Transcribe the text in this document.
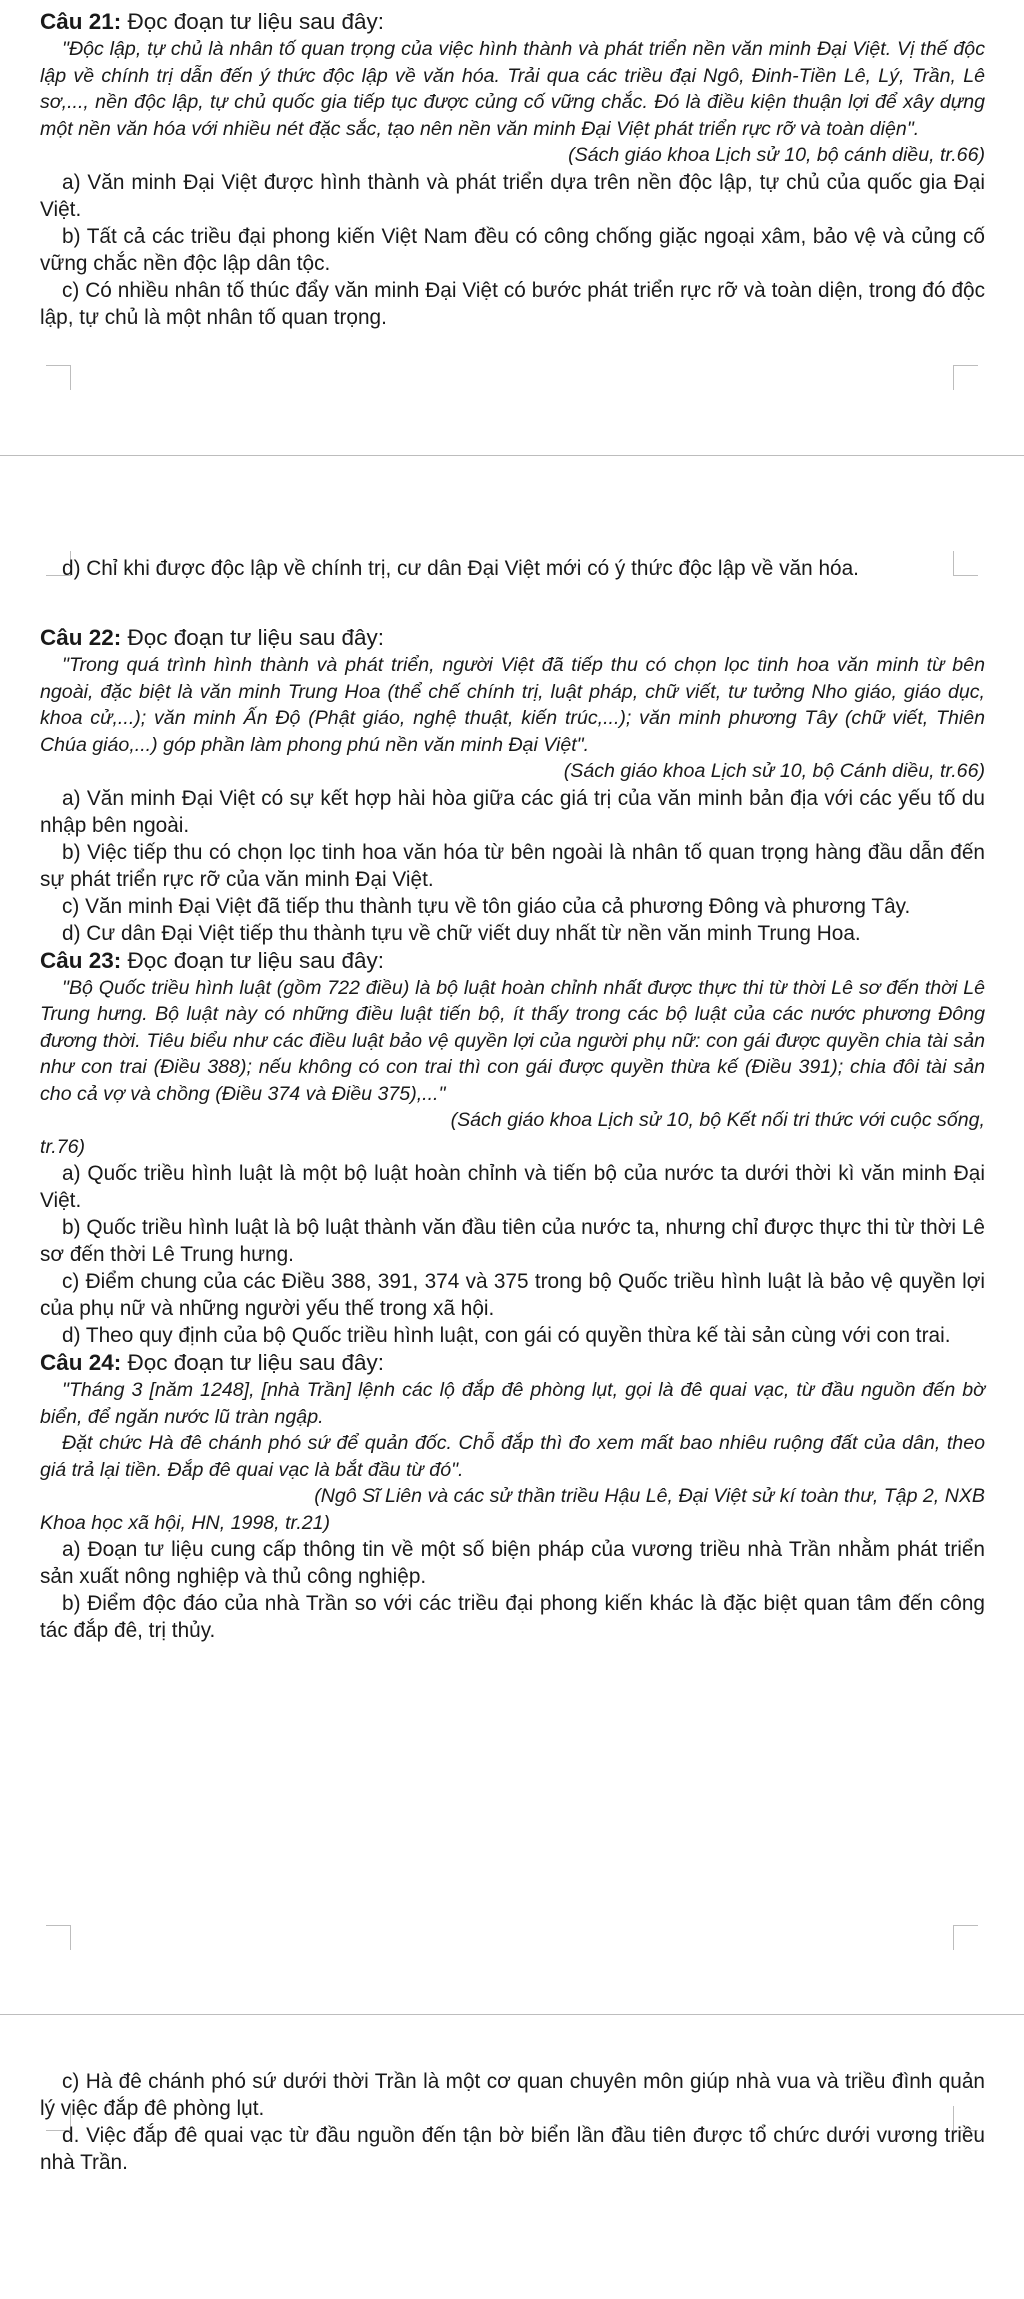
Câu 21: Đọc đoạn tư liệu sau đây:

"Độc lập, tự chủ là nhân tố quan trọng của việc hình thành và phát triển nền văn minh Đại Việt. Vị thế độc lập về chính trị dẫn đến ý thức độc lập về văn hóa. Trải qua các triều đại Ngô, Đinh-Tiền Lê, Lý, Trần, Lê sơ,..., nền độc lập, tự chủ quốc gia tiếp tục được củng cố vững chắc. Đó là điều kiện thuận lợi để xây dựng một nền văn hóa với nhiều nét đặc sắc, tạo nên nền văn minh Đại Việt phát triển rực rỡ và toàn diện".

(Sách giáo khoa Lịch sử 10, bộ cánh diều, tr.66)

a) Văn minh Đại Việt được hình thành và phát triển dựa trên nền độc lập, tự chủ của quốc gia Đại Việt.

b) Tất cả các triều đại phong kiến Việt Nam đều có công chống giặc ngoại xâm, bảo vệ và củng cố vững chắc nền độc lập dân tộc.

c) Có nhiều nhân tố thúc đẩy văn minh Đại Việt có bước phát triển rực rỡ và toàn diện, trong đó độc lập, tự chủ là một nhân tố quan trọng.

d) Chỉ khi được độc lập về chính trị, cư dân Đại Việt mới có ý thức độc lập về văn hóa.

Câu 22: Đọc đoạn tư liệu sau đây:

"Trong quá trình hình thành và phát triển, người Việt đã tiếp thu có chọn lọc tinh hoa văn minh từ bên ngoài, đặc biệt là văn minh Trung Hoa (thể chế chính trị, luật pháp, chữ viết, tư tưởng Nho giáo, giáo dục, khoa cử,...); văn minh Ấn Độ (Phật giáo, nghệ thuật, kiến trúc,...); văn minh phương Tây (chữ viết, Thiên Chúa giáo,...) góp phần làm phong phú nền văn minh Đại Việt".

(Sách giáo khoa Lịch sử 10, bộ Cánh diều, tr.66)

a) Văn minh Đại Việt có sự kết hợp hài hòa giữa các giá trị của văn minh bản địa với các yếu tố du nhập bên ngoài.

b) Việc tiếp thu có chọn lọc tinh hoa văn hóa từ bên ngoài là nhân tố quan trọng hàng đầu dẫn đến sự phát triển rực rỡ của văn minh Đại Việt.

c) Văn minh Đại Việt đã tiếp thu thành tựu về tôn giáo của cả phương Đông và phương Tây.

d) Cư dân Đại Việt tiếp thu thành tựu về chữ viết duy nhất từ nền văn minh Trung Hoa.

Câu 23: Đọc đoạn tư liệu sau đây:

"Bộ Quốc triều hình luật (gồm 722 điều) là bộ luật hoàn chỉnh nhất được thực thi từ thời Lê sơ đến thời Lê Trung hưng. Bộ luật này có những điều luật tiến bộ, ít thấy trong các bộ luật của các nước phương Đông đương thời. Tiêu biểu như các điều luật bảo vệ quyền lợi của người phụ nữ: con gái được quyền chia tài sản như con trai (Điều 388); nếu không có con trai thì con gái được quyền thừa kế (Điều 391); chia đôi tài sản cho cả vợ và chồng (Điều 374 và Điều 375),..."

(Sách giáo khoa Lịch sử 10, bộ Kết nối tri thức với cuộc sống,

tr.76)

a) Quốc triều hình luật là một bộ luật hoàn chỉnh và tiến bộ của nước ta dưới thời kì văn minh Đại Việt.

b) Quốc triều hình luật là bộ luật thành văn đầu tiên của nước ta, nhưng chỉ được thực thi từ thời Lê sơ đến thời Lê Trung hưng.

c) Điểm chung của các Điều 388, 391, 374 và 375 trong bộ Quốc triều hình luật là bảo vệ quyền lợi của phụ nữ và những người yếu thế trong xã hội.

d) Theo quy định của bộ Quốc triều hình luật, con gái có quyền thừa kế tài sản cùng với con trai.

Câu 24: Đọc đoạn tư liệu sau đây:

"Tháng 3 [năm 1248], [nhà Trần] lệnh các lộ đắp đê phòng lụt, gọi là đê quai vạc, từ đầu nguồn đến bờ biển, để ngăn nước lũ tràn ngập.

Đặt chức Hà đê chánh phó sứ để quản đốc. Chỗ đắp thì đo xem mất bao nhiêu ruộng đất của dân, theo giá trả lại tiền. Đắp đê quai vạc là bắt đầu từ đó".

(Ngô Sĩ Liên và các sử thần triều Hậu Lê, Đại Việt sử kí toàn thư, Tập 2, NXB

Khoa học xã hội, HN, 1998, tr.21)

a) Đoạn tư liệu cung cấp thông tin về một số biện pháp của vương triều nhà Trần nhằm phát triển sản xuất nông nghiệp và thủ công nghiệp.

b) Điểm độc đáo của nhà Trần so với các triều đại phong kiến khác là đặc biệt quan tâm đến công tác đắp đê, trị thủy.

c) Hà đê chánh phó sứ dưới thời Trần là một cơ quan chuyên môn giúp nhà vua và triều đình quản lý việc đắp đê phòng lụt.

d. Việc đắp đê quai vạc từ đầu nguồn đến tận bờ biển lần đầu tiên được tổ chức dưới vương triều nhà Trần.
